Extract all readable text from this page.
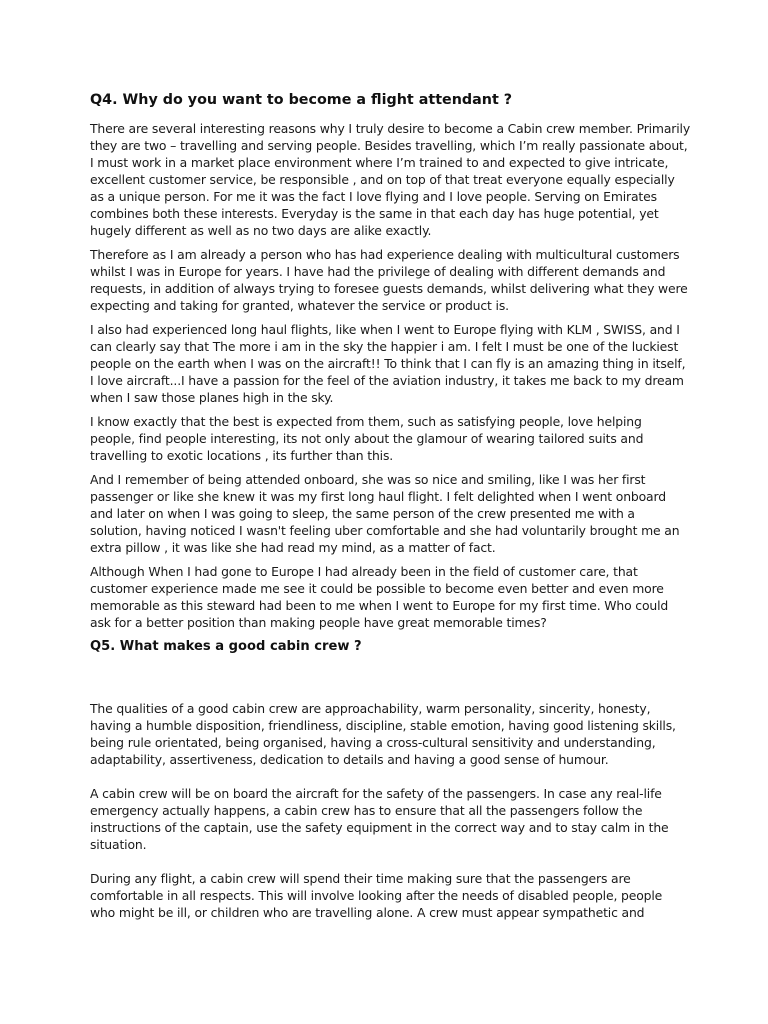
Q4. Why do you want to become a flight attendant ?

There are several interesting reasons why I truly desire to become a Cabin crew member. Primarily they are two – travelling and serving people. Besides travelling, which I’m really passionate about, I must work in a market place environment where I’m trained to and expected to give intricate, excellent customer service, be responsible , and on top of that treat everyone equally especially as a unique person. For me it was the fact I love flying and I love people. Serving on Emirates combines both these interests. Everyday is the same in that each day has huge potential, yet hugely different as well as no two days are alike exactly.

Therefore as I am already a person who has had experience dealing with multicultural customers whilst I was in Europe for years. I have had the privilege of dealing with different demands and requests, in addition of always trying to foresee guests demands, whilst delivering what they were expecting and taking for granted, whatever the service or product is.

I also had experienced long haul flights, like when I went to Europe flying with KLM , SWISS, and I can clearly say that The more i am in the sky the happier i am. I felt I must be one of the luckiest people on the earth when I was on the aircraft!! To think that I can fly is an amazing thing in itself, I love aircraft...I have a passion for the feel of the aviation industry, it takes me back to my dream when I saw those planes high in the sky.

I know exactly that the best is expected from them, such as satisfying people, love helping people, find people interesting, its not only about the glamour of wearing tailored suits and travelling to exotic locations , its further than this.

And I remember of being attended onboard, she was so nice and smiling, like I was her first passenger or like she knew it was my first long haul flight. I felt delighted when I went onboard and later on when I was going to sleep, the same person of the crew presented me with a solution, having noticed I wasn't feeling uber comfortable and she had voluntarily brought me an extra pillow , it was like she had read my mind, as a matter of fact.

Although When I had gone to Europe I had already been in the field of customer care, that customer experience made me see it could be possible to become even better and even more memorable as this steward had been to me when I went to Europe for my first time. Who could ask for a better position than making people have great memorable times?

Q5. What makes a good cabin crew ?

The qualities of a good cabin crew are approachability, warm personality, sincerity, honesty, having a humble disposition, friendliness, discipline, stable emotion, having good listening skills, being rule orientated, being organised, having a cross-cultural sensitivity and understanding, adaptability, assertiveness, dedication to details and having a good sense of humour.

A cabin crew will be on board the aircraft for the safety of the passengers. In case any real-life emergency actually happens, a cabin crew has to ensure that all the passengers follow the instructions of the captain, use the safety equipment in the correct way and to stay calm in the situation.

During any flight, a cabin crew will spend their time making sure that the passengers are comfortable in all respects. This will involve looking after the needs of disabled people, people who might be ill, or children who are travelling alone. A crew must appear sympathetic and
